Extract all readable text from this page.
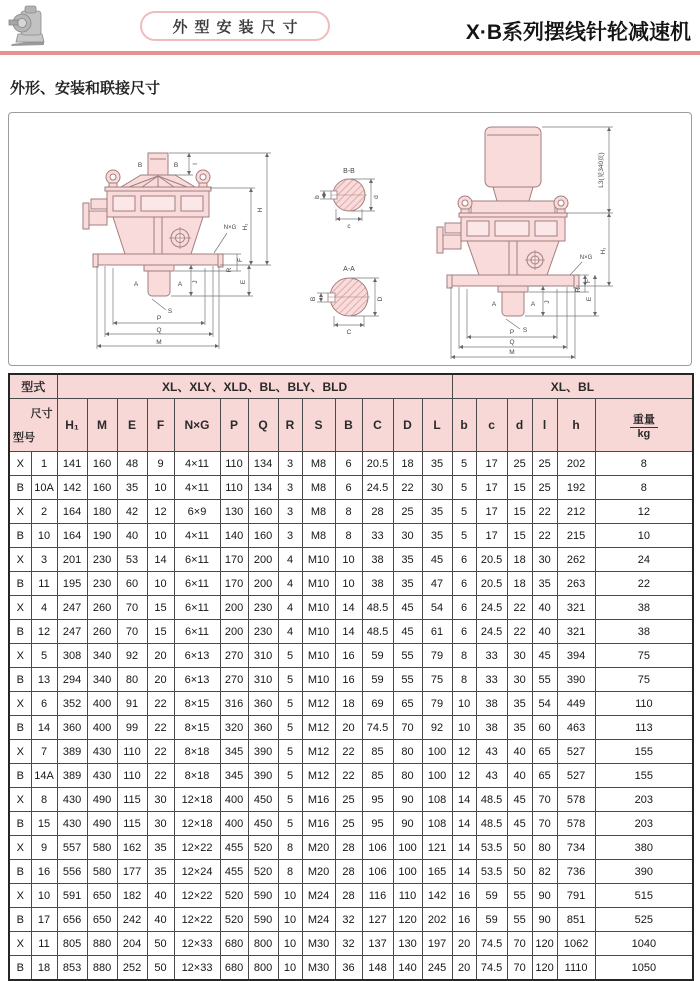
外型安装尺寸	X·B系列摆线针轮减速机
外形、安装和联接尺寸
B	B I
N×G
H
H₁
F
R
E
A	A J
S
P
Q
M
B-B
b
c
d
A-A
B
C
D
A	A J
S
P
Q
M
N×G
F
R
E
H₁
L3(见340页)
型式		XL、XLY、XLD、BL、BLY、BLD													XL、BL					

尺寸
型号		H₁	M	E	F	N×G	P	Q	R	S	B	C	D	L	b	c	d	l	h	重量
kg

X	1	141	160	48	9	4×11	110	134	3	M8	6	20.5	18	35	5	17	25	25	202	8
B	10A	142	160	35	10	4×11	110	134	3	M8	6	24.5	22	30	5	17	15	25	192	8
X	2	164	180	42	12	6×9	130	160	3	M8	8	28	25	35	5	17	15	22	212	12
B	10	164	190	40	10	4×11	140	160	3	M8	8	33	30	35	5	17	15	22	215	10
X	3	201	230	53	14	6×11	170	200	4	M10	10	38	35	45	6	20.5	18	30	262	24
B	11	195	230	60	10	6×11	170	200	4	M10	10	38	35	47	6	20.5	18	35	263	22
X	4	247	260	70	15	6×11	200	230	4	M10	14	48.5	45	54	6	24.5	22	40	321	38
B	12	247	260	70	15	6×11	200	230	4	M10	14	48.5	45	61	6	24.5	22	40	321	38
X	5	308	340	92	20	6×13	270	310	5	M10	16	59	55	79	8	33	30	45	394	75
B	13	294	340	80	20	6×13	270	310	5	M10	16	59	55	75	8	33	30	55	390	75
X	6	352	400	91	22	8×15	316	360	5	M12	18	69	65	79	10	38	35	54	449	110
B	14	360	400	99	22	8×15	320	360	5	M12	20	74.5	70	92	10	38	35	60	463	113
X	7	389	430	110	22	8×18	345	390	5	M12	22	85	80	100	12	43	40	65	527	155
B	14A	389	430	110	22	8×18	345	390	5	M12	22	85	80	100	12	43	40	65	527	155
X	8	430	490	115	30	12×18	400	450	5	M16	25	95	90	108	14	48.5	45	70	578	203
B	15	430	490	115	30	12×18	400	450	5	M16	25	95	90	108	14	48.5	45	70	578	203
X	9	557	580	162	35	12×22	455	520	8	M20	28	106	100	121	14	53.5	50	80	734	380
B	16	556	580	177	35	12×24	455	520	8	M20	28	106	100	165	14	53.5	50	82	736	390
X	10	591	650	182	40	12×22	520	590	10	M24	28	116	110	142	16	59	55	90	791	515
B	17	656	650	242	40	12×22	520	590	10	M24	32	127	120	202	16	59	55	90	851	525
X	11	805	880	204	50	12×33	680	800	10	M30	32	137	130	197	20	74.5	70	120	1062	1040
B	18	853	880	252	50	12×33	680	800	10	M30	36	148	140	245	20	74.5	70	120	1110	1050
